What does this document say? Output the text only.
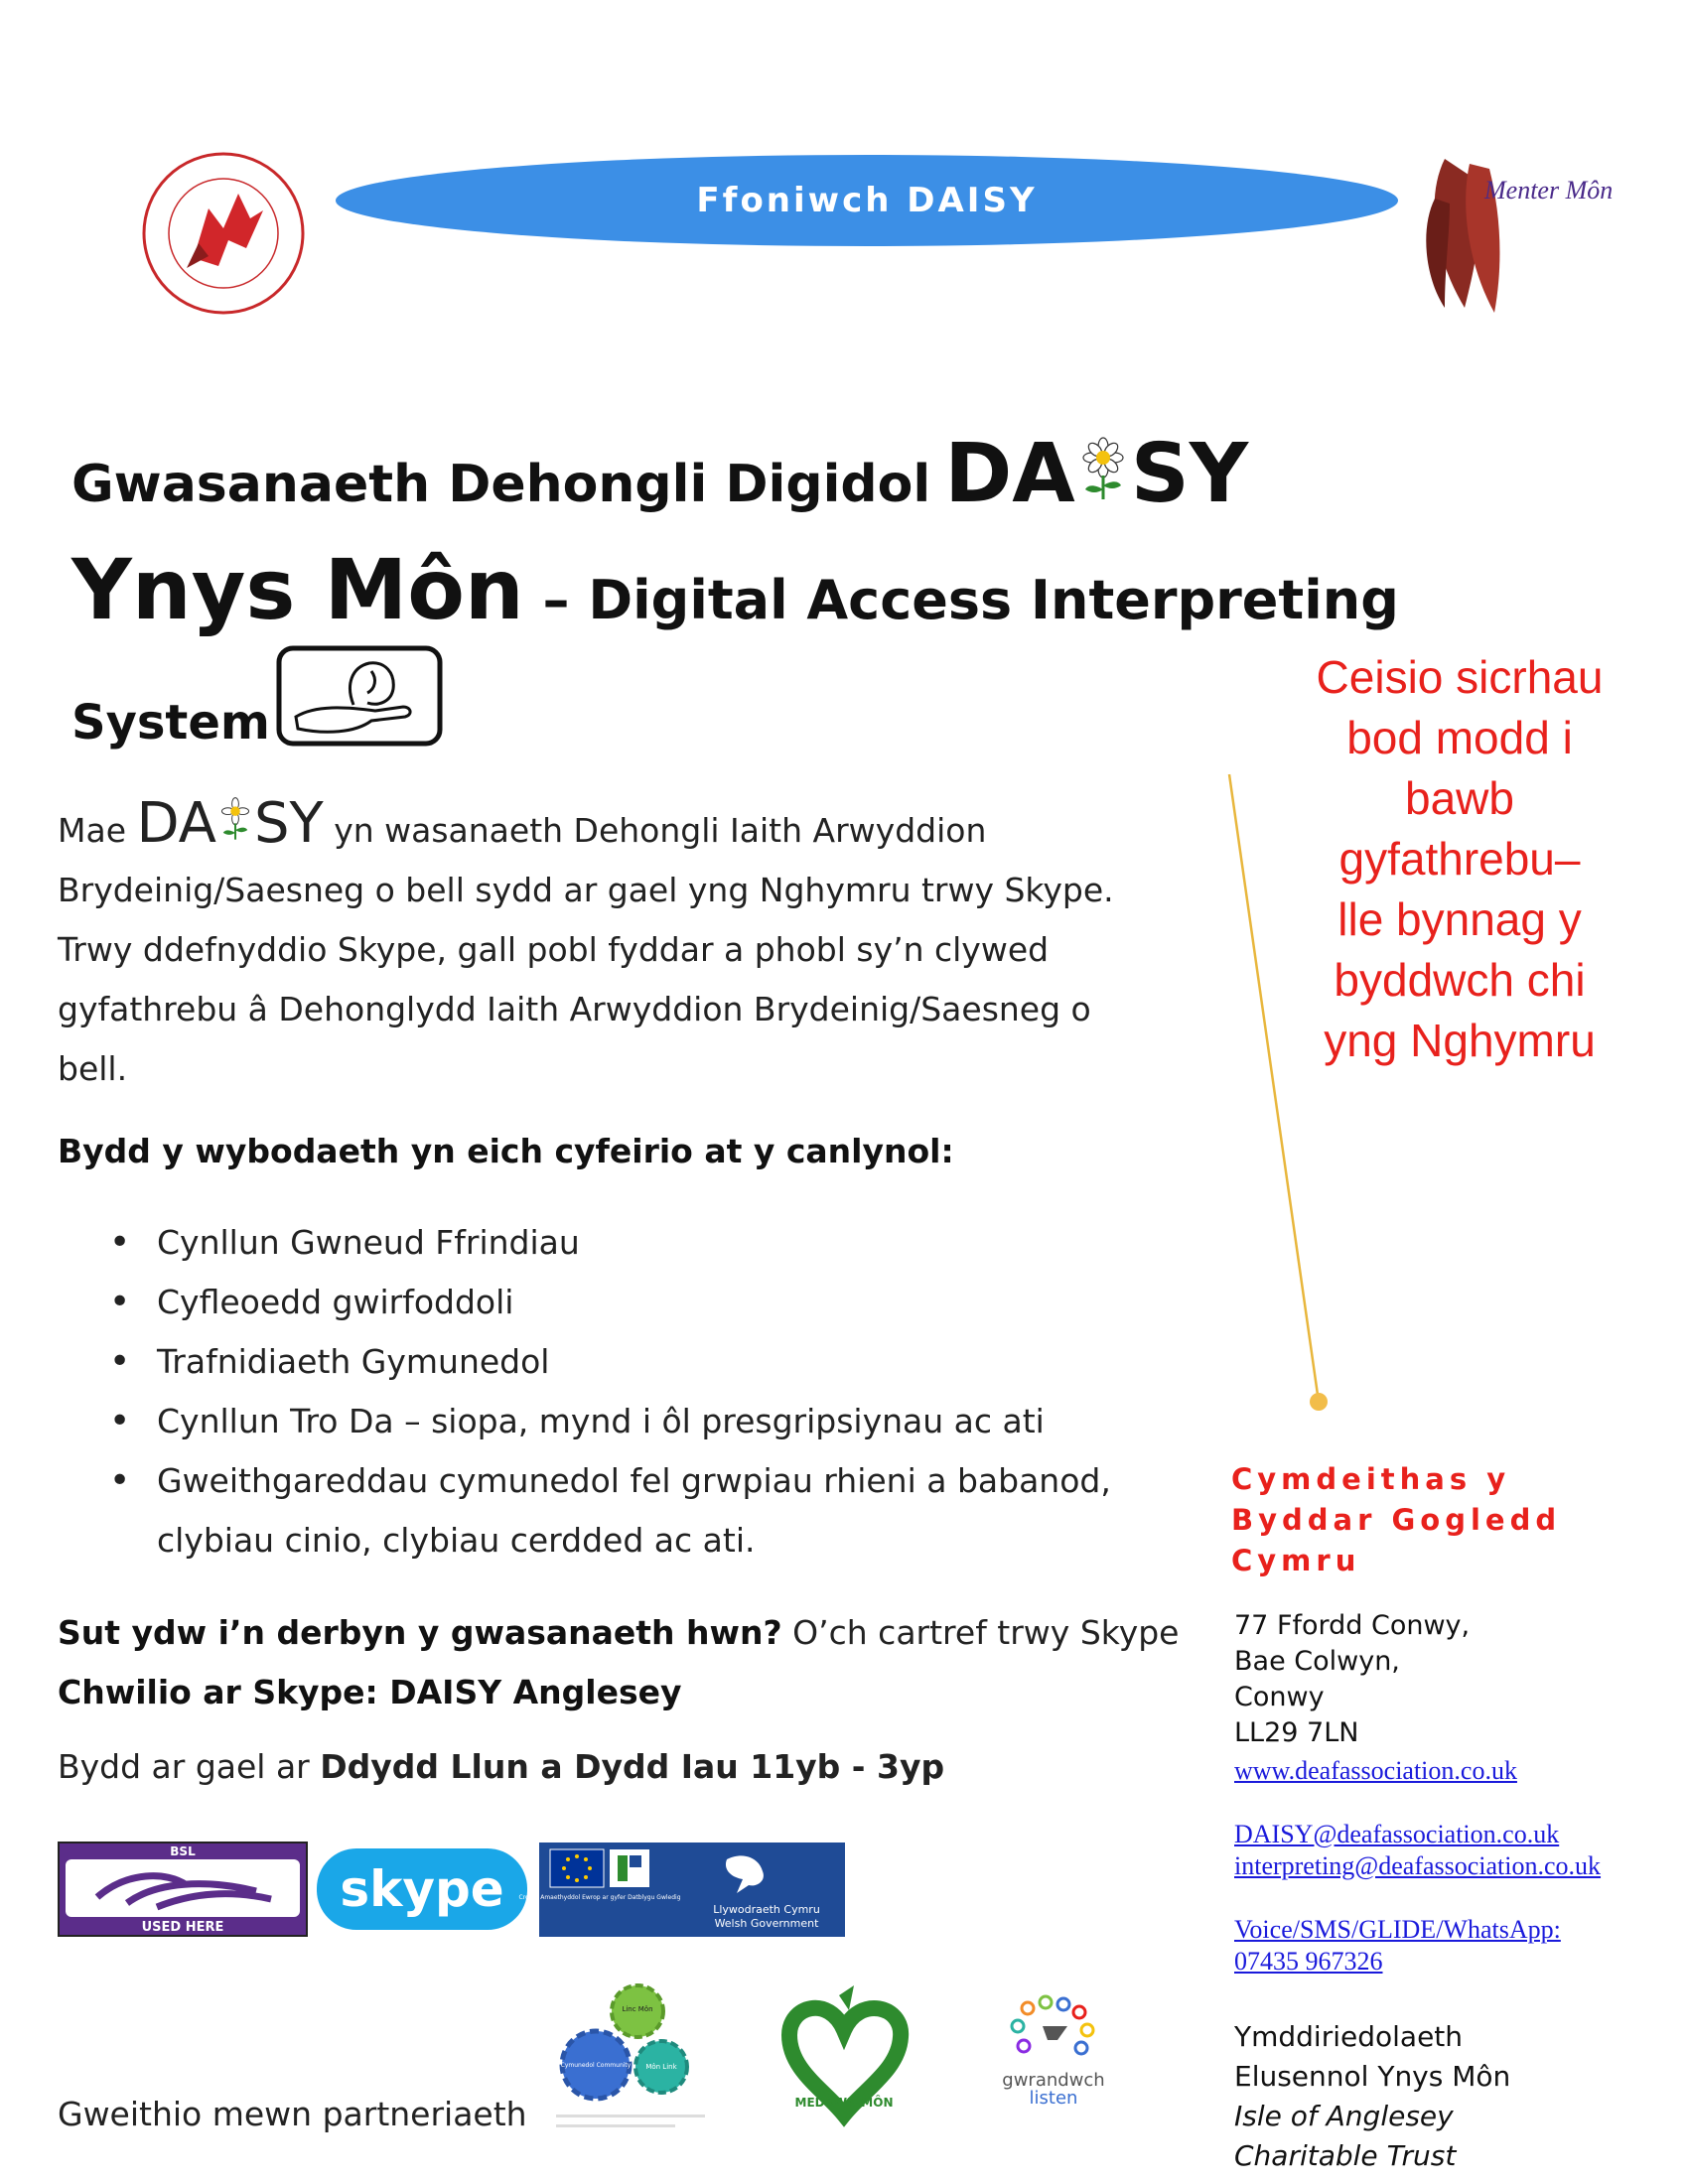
Ffoniwch DAISY	Menter Môn
Gwasanaeth Dehongli Digidol DA SY
Ynys Môn – Digital Access Interpreting
System
Mae DA SY yn wasanaeth Dehongli Iaith Arwyddion
Brydeinig/Saesneg o bell sydd ar gael yng Nghymru trwy Skype.
Trwy ddefnyddio Skype, gall pobl fyddar a phobl sy’n clywed
gyfathrebu â Dehonglydd Iaith Arwyddion Brydeinig/Saesneg o
bell.
Bydd y wybodaeth yn eich cyfeirio at y canlynol:
• Cynllun Gwneud Ffrindiau
• Cyfleoedd gwirfoddoli
• Trafnidiaeth Gymunedol
• Cynllun Tro Da – siopa, mynd i ôl presgripsiynau ac ati
• Gweithgareddau cymunedol fel grwpiau rhieni a babanod,
clybiau cinio, clybiau cerdded ac ati.
Sut ydw i’n derbyn y gwasanaeth hwn? O’ch cartref trwy Skype
Chwilio ar Skype: DAISY Anglesey
Bydd ar gael ar Ddydd Llun a Dydd Iau 11yb - 3yp
BSL
USED HERE
skype Cronfa Amaethyddol Ewrop ar gyfer Datblygu Gwledig
Llywodraeth Cymru
Welsh Government
Linc Môn
Cymunedol Community Môn Link
MEDRWN MÔN
gwrandwch
listen
Gweithio mewn partneriaeth
Ceisio sicrhau
bod modd i
bawb
gyfathrebu–
lle bynnag y
byddwch chi
yng Nghymru
Cymdeithas y
Byddar Gogledd
Cymru
77 Ffordd Conwy,
Bae Colwyn,
Conwy
LL29 7LN
www.deafassociation.co.uk
DAISY@deafassociation.co.uk
interpreting@deafassociation.co.uk
Voice/SMS/GLIDE/WhatsApp:
07435 967326
Ymddiriedolaeth
Elusennol Ynys Môn
Isle of Anglesey
Charitable Trust
